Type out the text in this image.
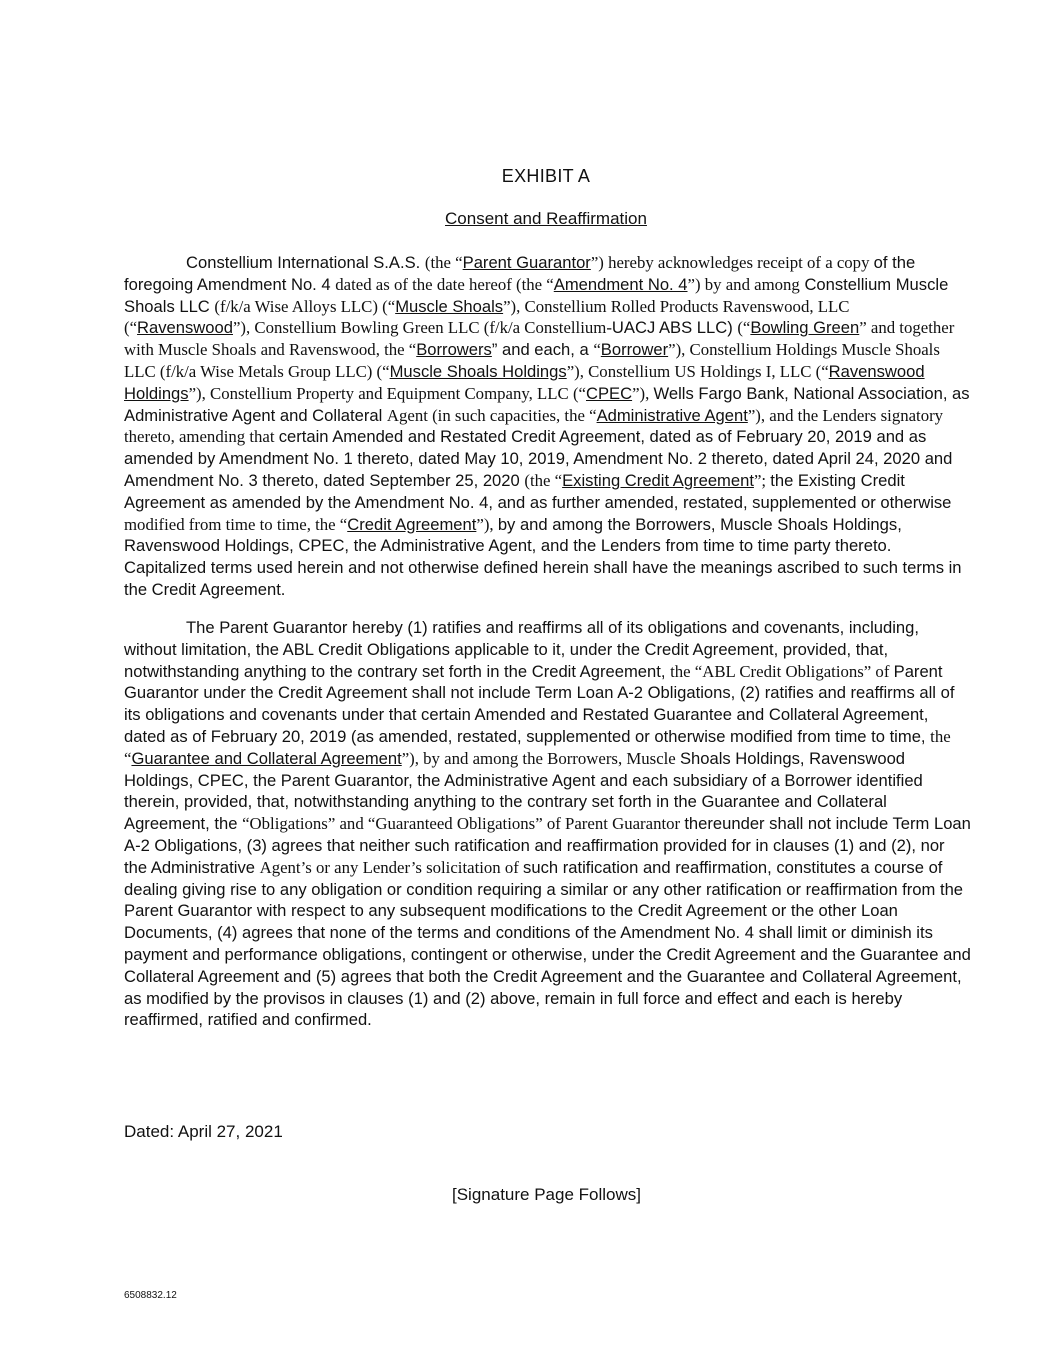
EXHIBIT A
Consent and Reaffirmation

Constellium International S.A.S. (the “Parent Guarantor”) hereby acknowledges receipt of a copy of the foregoing Amendment No. 4 dated as of the date hereof (the “Amendment No. 4”) by and among Constellium Muscle Shoals LLC (f/k/a Wise Alloys LLC) (“Muscle Shoals”), Constellium Rolled Products Ravenswood, LLC (“Ravenswood”), Constellium Bowling Green LLC (f/k/a Constellium-UACJ ABS LLC) (“Bowling Green” and together with Muscle Shoals and Ravenswood, the “Borrowers” and each, a “Borrower”), Constellium Holdings Muscle Shoals LLC (f/k/a Wise Metals Group LLC) (“Muscle Shoals Holdings”), Constellium US Holdings I, LLC (“Ravenswood Holdings”), Constellium Property and Equipment Company, LLC (“CPEC”), Wells Fargo Bank, National Association, as Administrative Agent and Collateral Agent (in such capacities, the “Administrative Agent”), and the Lenders signatory thereto, amending that certain Amended and Restated Credit Agreement, dated as of February 20, 2019 and as amended by Amendment No. 1 thereto, dated May 10, 2019, Amendment No. 2 thereto, dated April 24, 2020 and Amendment No. 3 thereto, dated September 25, 2020 (the “Existing Credit Agreement”; the Existing Credit Agreement as amended by the Amendment No. 4, and as further amended, restated, supplemented or otherwise modified from time to time, the “Credit Agreement”), by and among the Borrowers, Muscle Shoals Holdings, Ravenswood Holdings, CPEC, the Administrative Agent, and the Lenders from time to time party thereto. Capitalized terms used herein and not otherwise defined herein shall have the meanings ascribed to such terms in the Credit Agreement.

The Parent Guarantor hereby (1) ratifies and reaffirms all of its obligations and covenants, including, without limitation, the ABL Credit Obligations applicable to it, under the Credit Agreement, provided, that, notwithstanding anything to the contrary set forth in the Credit Agreement, the “ABL Credit Obligations” of Parent Guarantor under the Credit Agreement shall not include Term Loan A-2 Obligations, (2) ratifies and reaffirms all of its obligations and covenants under that certain Amended and Restated Guarantee and Collateral Agreement, dated as of February 20, 2019 (as amended, restated, supplemented or otherwise modified from time to time, the “Guarantee and Collateral Agreement”), by and among the Borrowers, Muscle Shoals Holdings, Ravenswood Holdings, CPEC, the Parent Guarantor, the Administrative Agent and each subsidiary of a Borrower identified therein, provided, that, notwithstanding anything to the contrary set forth in the Guarantee and Collateral Agreement, the “Obligations” and “Guaranteed Obligations” of Parent Guarantor thereunder shall not include Term Loan A-2 Obligations, (3) agrees that neither such ratification and reaffirmation provided for in clauses (1) and (2), nor the Administrative Agent’s or any Lender’s solicitation of such ratification and reaffirmation, constitutes a course of dealing giving rise to any obligation or condition requiring a similar or any other ratification or reaffirmation from the Parent Guarantor with respect to any subsequent modifications to the Credit Agreement or the other Loan Documents, (4) agrees that none of the terms and conditions of the Amendment No. 4 shall limit or diminish its payment and performance obligations, contingent or otherwise, under the Credit Agreement and the Guarantee and Collateral Agreement and (5) agrees that both the Credit Agreement and the Guarantee and Collateral Agreement, as modified by the provisos in clauses (1) and (2) above, remain in full force and effect and each is hereby reaffirmed, ratified and confirmed.

Dated: April 27, 2021
[Signature Page Follows]
6508832.12
